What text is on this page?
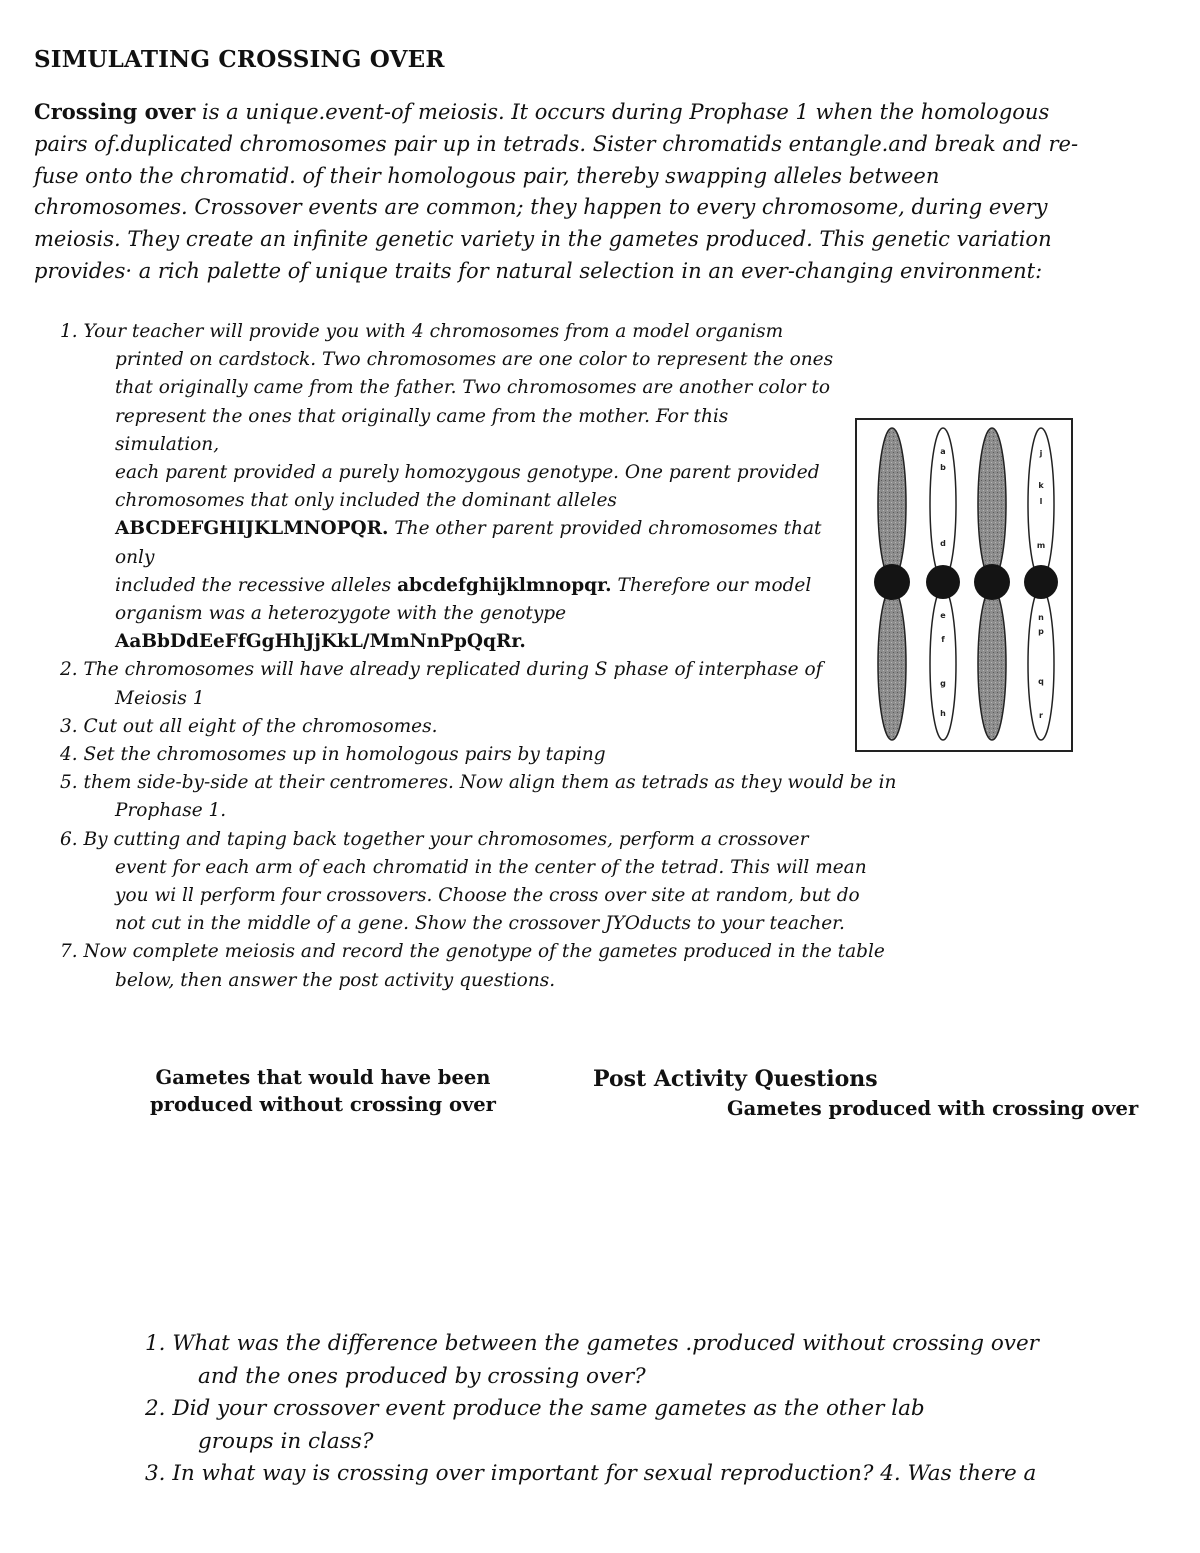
SIMULATING CROSSING OVER
Crossing over is a unique.event-of meiosis. It occurs during Prophase 1 when the homologous
pairs of.duplicated chromosomes pair up in tetrads. Sister chromatids entangle.and break and re-
fuse onto the chromatid. of their homologous pair, thereby swapping alleles between
chromosomes. Crossover events are common; they happen to every chromosome, during every
meiosis. They create an infinite genetic variety in the gametes produced. This genetic variation
provides· a rich palette of unique traits for natural selection in an ever-changing environment:
1. Your teacher will provide you with 4 chromosomes from a model organism
printed on cardstock. Two chromosomes are one color to represent the ones
that originally came from the father. Two chromosomes are another color to
represent the ones that originally came from the mother. For this
simulation,
each parent provided a purely homozygous genotype. One parent provided
chromosomes that only included the dominant alleles
ABCDEFGHIJKLMNOPQR. The other parent provided chromosomes that
only
included the recessive alleles abcdefghijklmnopqr. Therefore our model
organism was a heterozygote with the genotype
AaBbDdEeFfGgHhJjKkL/MmNnPpQqRr.
2. The chromosomes will have already replicated during S phase of interphase of
Meiosis 1
3. Cut out all eight of the chromosomes.
4. Set the chromosomes up in homologous pairs by taping
5. them side-by-side at their centromeres. Now align them as tetrads as they would be in
Prophase 1.
6. By cutting and taping back together your chromosomes, perform a crossover
event for each arm of each chromatid in the center of the tetrad. This will mean
you wi ll perform four crossovers. Choose the cross over site at random, but do
not cut in the middle of a gene. Show the crossover JYOducts to your teacher.
7. Now complete meiosis and record the genotype of the gametes produced in the table
below, then answer the post activity questions.
a
b
d
e
f
g
h
j
k
l
m
n
p
q
r
Gametes that would have been
produced without crossing over
Post Activity Questions
Gametes produced with crossing over
1. What was the difference between the gametes .produced without crossing over

and the ones produced by crossing over?
2. Did your crossover event produce the same gametes as the other lab

groups in class?
3. In what way is crossing over important for sexual reproduction? 4. Was there a
